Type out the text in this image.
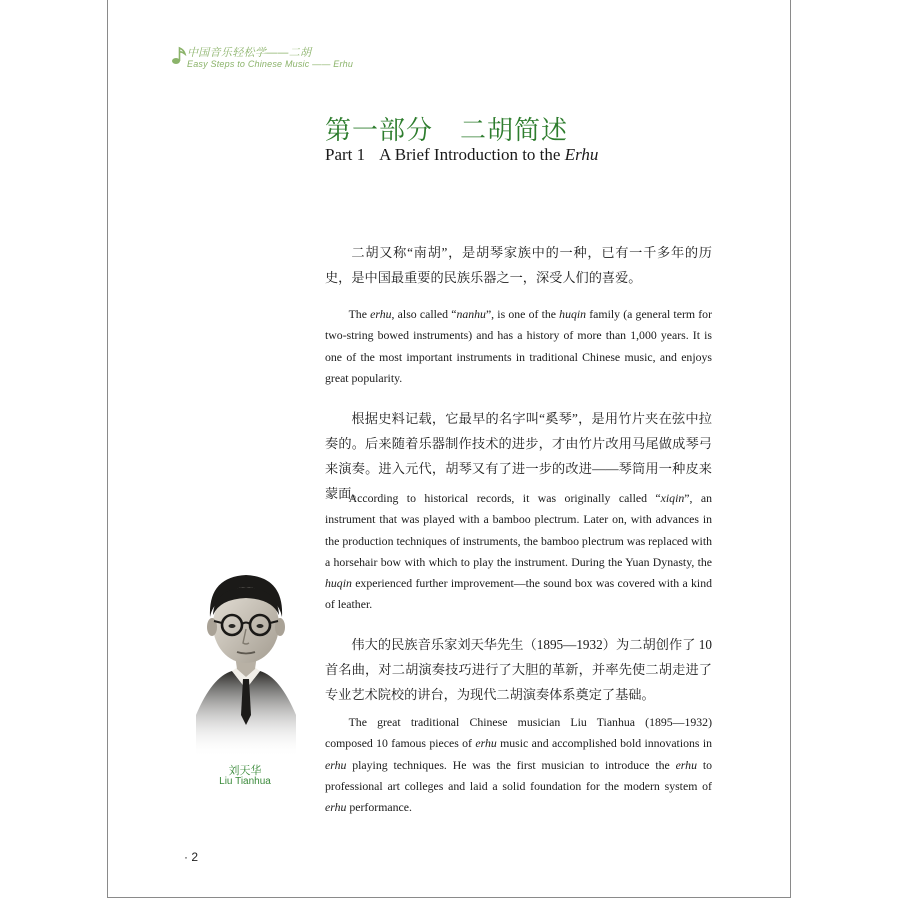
中国音乐轻松学——二胡
Easy Steps to Chinese Music —— Erhu
第一部分　二胡简述
Part 1 A Brief Introduction to the Erhu

二胡又称“南胡”，是胡琴家族中的一种，已有一千多年的历史，是中国最重要的民族乐器之一，深受人们的喜爱。

The erhu, also called “nanhu”, is one of the huqin family (a general term for two-string bowed instruments) and has a history of more than 1,000 years. It is one of the most important instruments in traditional Chinese music, and enjoys great popularity.

根据史料记载，它最早的名字叫“奚琴”，是用竹片夹在弦中拉奏的。后来随着乐器制作技术的进步，才由竹片改用马尾做成琴弓来演奏。进入元代，胡琴又有了进一步的改进——琴筒用一种皮来蒙面。

According to historical records, it was originally called “xiqin”, an instrument that was played with a bamboo plectrum. Later on, with advances in the production techniques of instruments, the bamboo plectrum was replaced with a horsehair bow with which to play the instrument. During the Yuan Dynasty, the huqin experienced further improvement—the sound box was covered with a kind of leather.

伟大的民族音乐家刘天华先生（1895—1932）为二胡创作了 10 首名曲，对二胡演奏技巧进行了大胆的革新，并率先使二胡走进了专业艺术院校的讲台，为现代二胡演奏体系奠定了基础。

The great traditional Chinese musician Liu Tianhua (1895—1932) composed 10 famous pieces of erhu music and accomplished bold innovations in erhu playing techniques. He was the first musician to introduce the erhu to professional art colleges and laid a solid foundation for the modern system of erhu performance.

刘天华
Liu Tianhua
· 2
